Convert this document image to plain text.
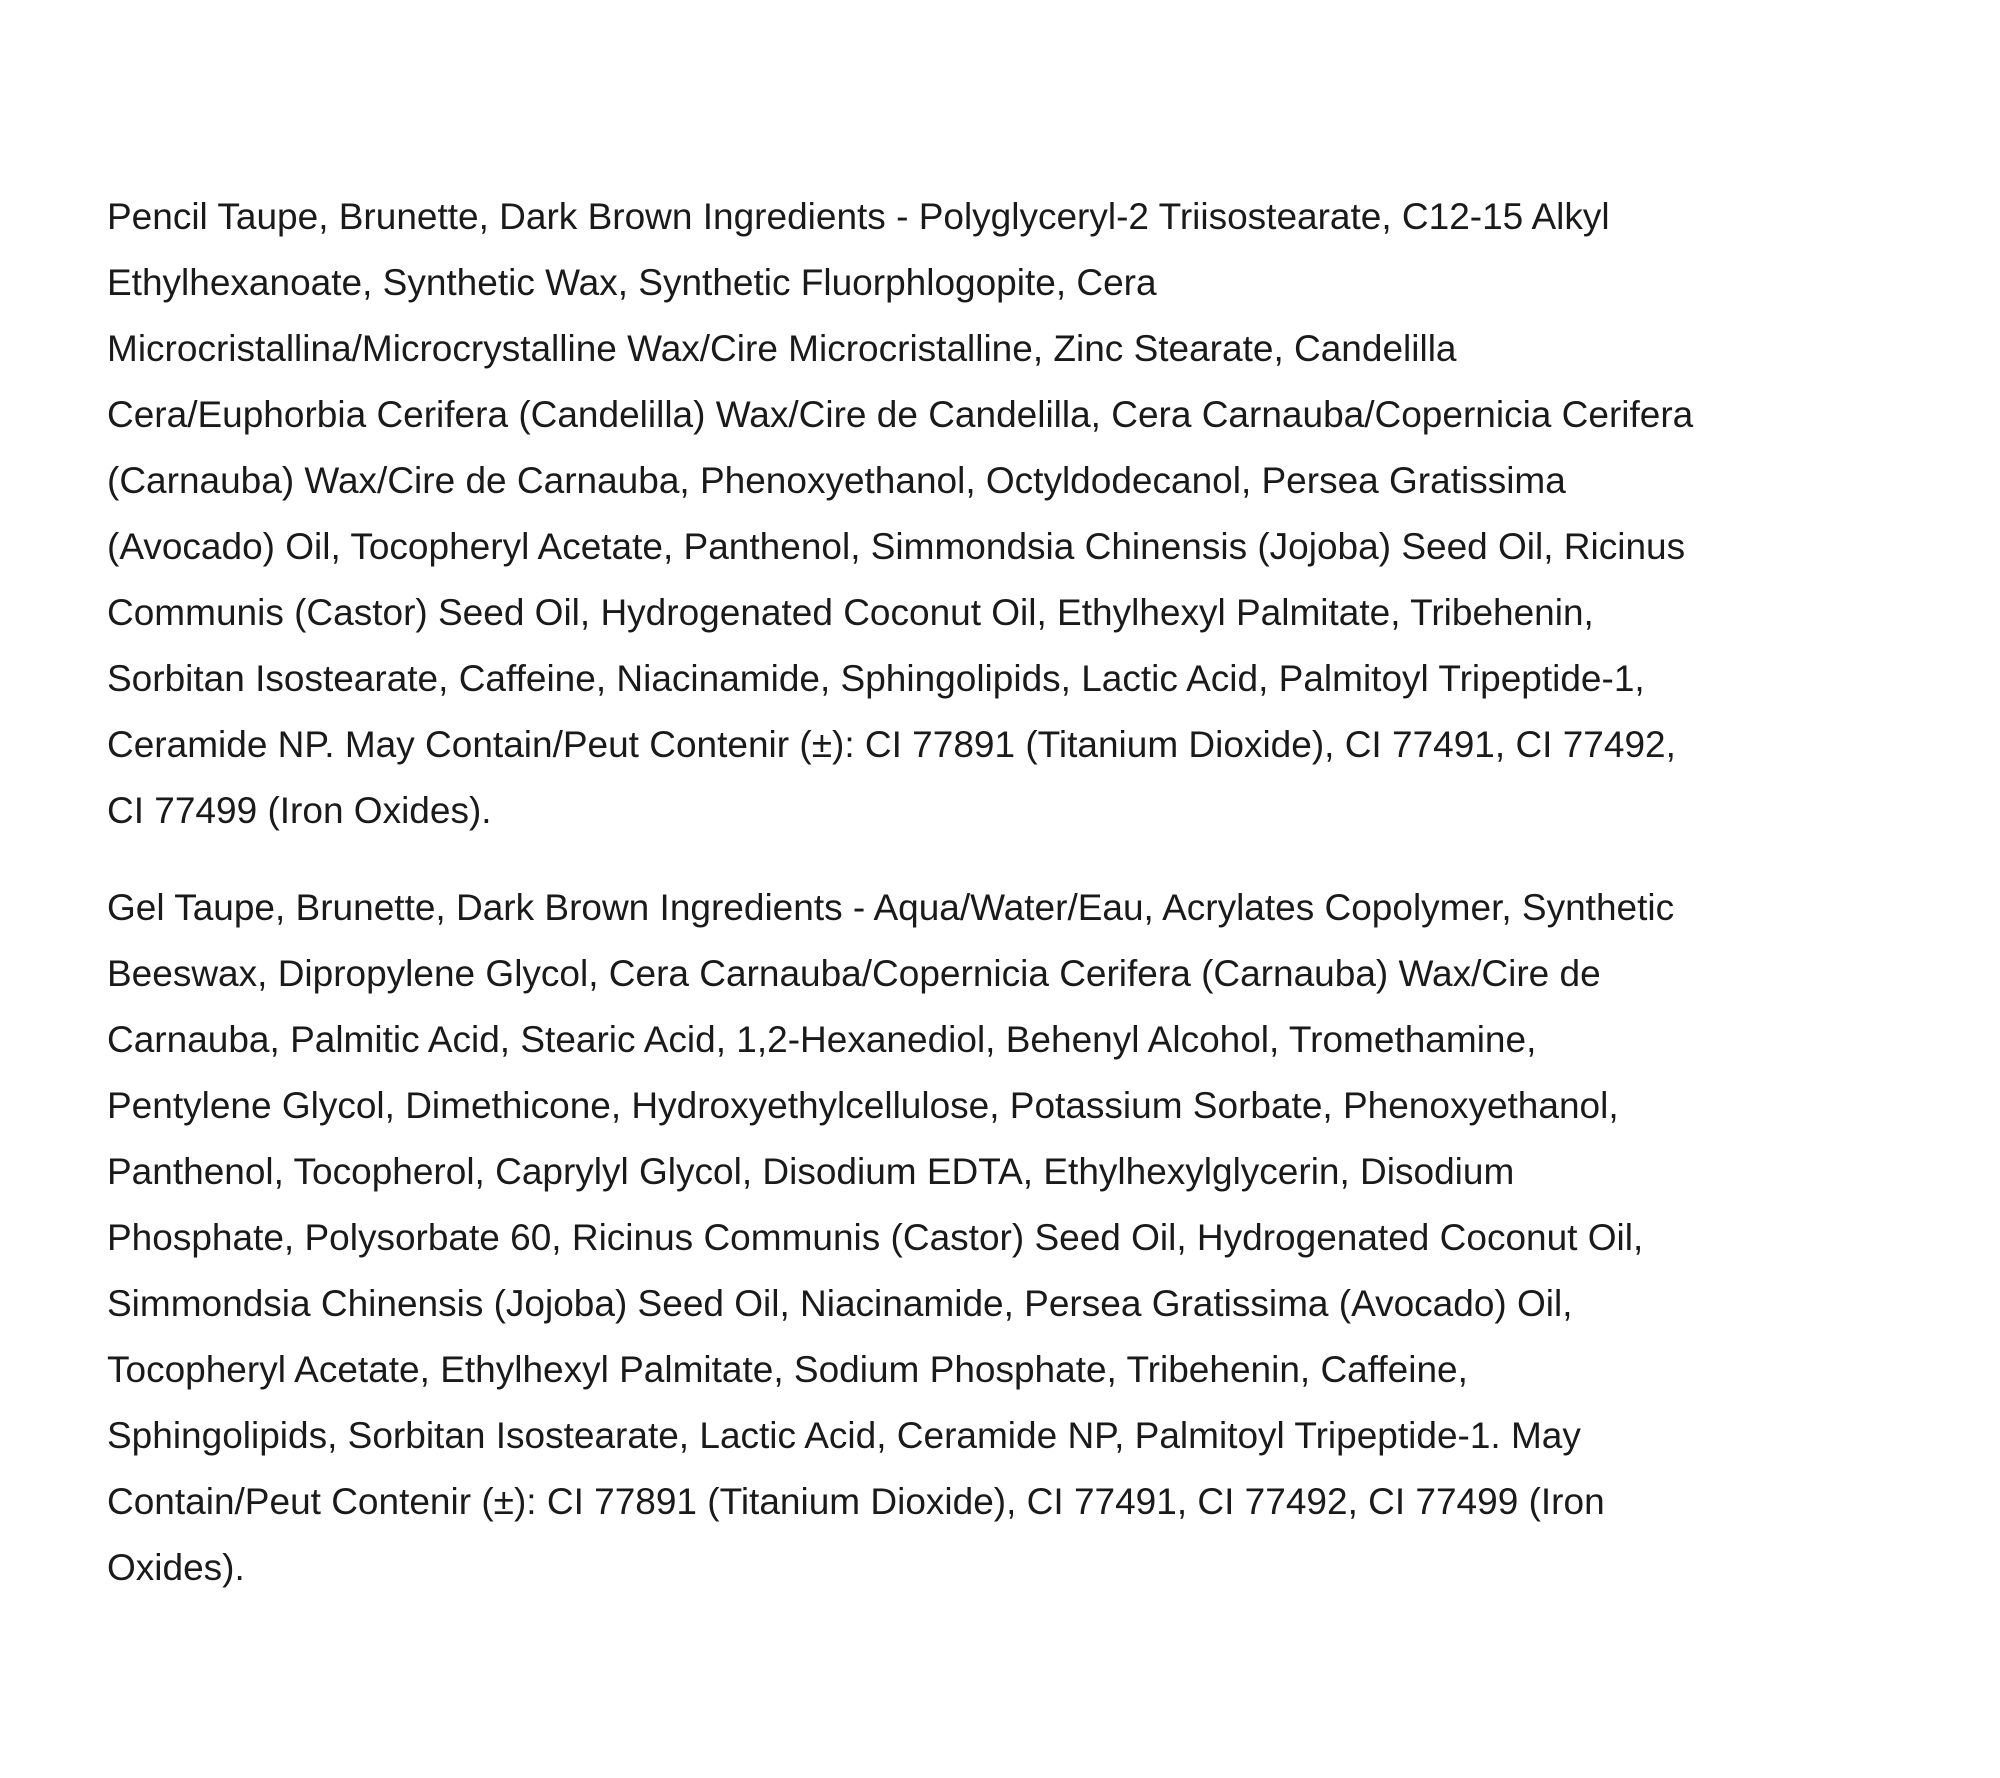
Pencil Taupe, Brunette, Dark Brown Ingredients - Polyglyceryl-2 Triisostearate, C12-15 Alkyl
Ethylhexanoate, Synthetic Wax, Synthetic Fluorphlogopite, Cera
Microcristallina/Microcrystalline Wax/Cire Microcristalline, Zinc Stearate, Candelilla
Cera/Euphorbia Cerifera (Candelilla) Wax/Cire de Candelilla, Cera Carnauba/Copernicia Cerifera
(Carnauba) Wax/Cire de Carnauba, Phenoxyethanol, Octyldodecanol, Persea Gratissima
(Avocado) Oil, Tocopheryl Acetate, Panthenol, Simmondsia Chinensis (Jojoba) Seed Oil, Ricinus
Communis (Castor) Seed Oil, Hydrogenated Coconut Oil, Ethylhexyl Palmitate, Tribehenin,
Sorbitan Isostearate, Caffeine, Niacinamide, Sphingolipids, Lactic Acid, Palmitoyl Tripeptide-1,
Ceramide NP. May Contain/Peut Contenir (±): CI 77891 (Titanium Dioxide), CI 77491, CI 77492,
CI 77499 (Iron Oxides).
Gel Taupe, Brunette, Dark Brown Ingredients - Aqua/Water/Eau, Acrylates Copolymer, Synthetic
Beeswax, Dipropylene Glycol, Cera Carnauba/Copernicia Cerifera (Carnauba) Wax/Cire de
Carnauba, Palmitic Acid, Stearic Acid, 1,2-Hexanediol, Behenyl Alcohol, Tromethamine,
Pentylene Glycol, Dimethicone, Hydroxyethylcellulose, Potassium Sorbate, Phenoxyethanol,
Panthenol, Tocopherol, Caprylyl Glycol, Disodium EDTA, Ethylhexylglycerin, Disodium
Phosphate, Polysorbate 60, Ricinus Communis (Castor) Seed Oil, Hydrogenated Coconut Oil,
Simmondsia Chinensis (Jojoba) Seed Oil, Niacinamide, Persea Gratissima (Avocado) Oil,
Tocopheryl Acetate, Ethylhexyl Palmitate, Sodium Phosphate, Tribehenin, Caffeine,
Sphingolipids, Sorbitan Isostearate, Lactic Acid, Ceramide NP, Palmitoyl Tripeptide-1. May
Contain/Peut Contenir (±): CI 77891 (Titanium Dioxide), CI 77491, CI 77492, CI 77499 (Iron
Oxides).
